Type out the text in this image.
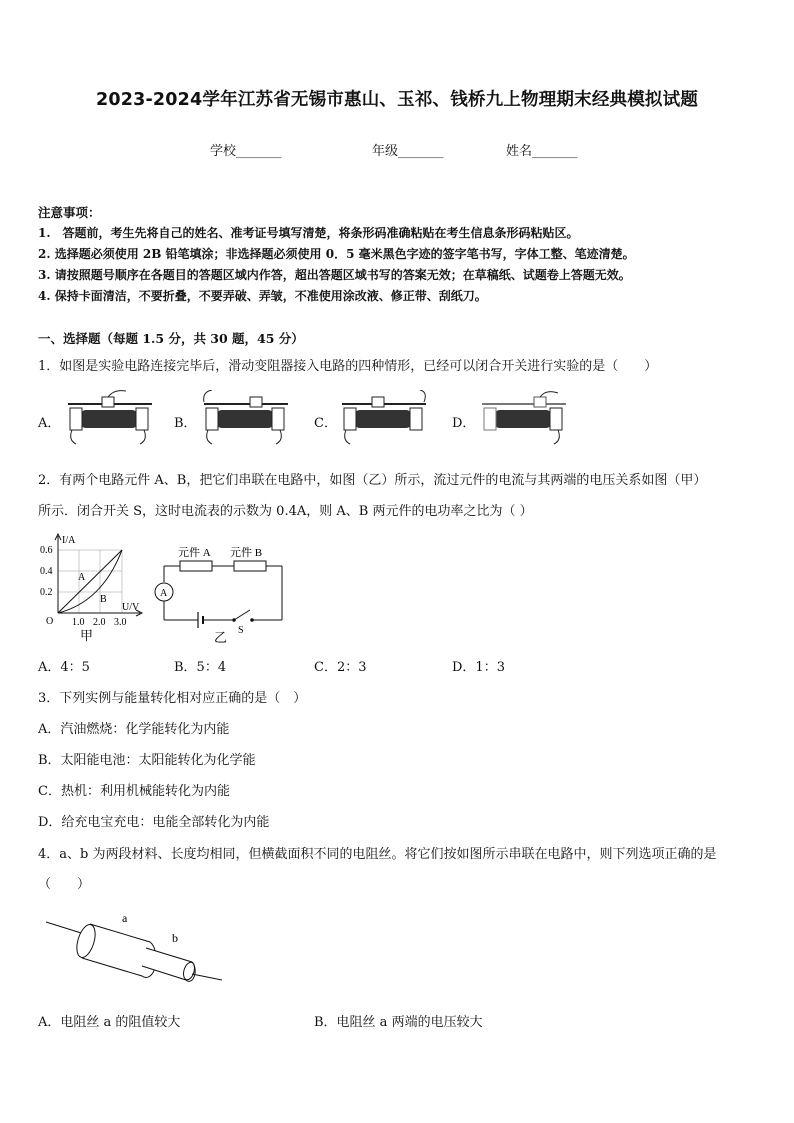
2023-2024学年江苏省无锡市惠山、玉祁、钱桥九上物理期末经典模拟试题
学校_______	年级_______	姓名_______
注意事项：
1.　答题前，考生先将自己的姓名、准考证号填写清楚，将条形码准确粘贴在考生信息条形码粘贴区。
2. 选择题必须使用 2B 铅笔填涂；非选择题必须使用 0．5 毫米黑色字迹的签字笔书写，字体工整、笔迹清楚。
3. 请按照题号顺序在各题目的答题区域内作答，超出答题区域书写的答案无效；在草稿纸、试题卷上答题无效。
4. 保持卡面清洁，不要折叠，不要弄破、弄皱，不准使用涂改液、修正带、刮纸刀。
一、选择题（每题 1.5 分，共 30 题，45 分）
1．如图是实验电路连接完毕后，滑动变阻器接入电路的四种情形，已经可以闭合开关进行实验的是（　　）
A．	B．	C．	D．
2．有两个电路元件 A、B，把它们串联在电路中，如图（乙）所示，流过元件的电流与其两端的电压关系如图（甲）
所示．闭合开关 S，这时电流表的示数为 0.4A，则 A、B 两元件的电功率之比为（ ）
I/A
U/V
O
0.6
0.4
0.2
1.0 2.0 3.0
A
B
甲
元件 A 元件 B
A
S
乙
A．4：5	B．5：4	C．2：3	D．1：3
3．下列实例与能量转化相对应正确的是（　）
A．汽油燃烧：化学能转化为内能
B．太阳能电池：太阳能转化为化学能
C．热机：利用机械能转化为内能
D．给充电宝充电：电能全部转化为内能
4．a、b 为两段材料、长度均相同，但横截面积不同的电阻丝。将它们按如图所示串联在电路中，则下列选项正确的是
（　　）
a
b
A．电阻丝 a 的阻值较大	B．电阻丝 a 两端的电压较大
